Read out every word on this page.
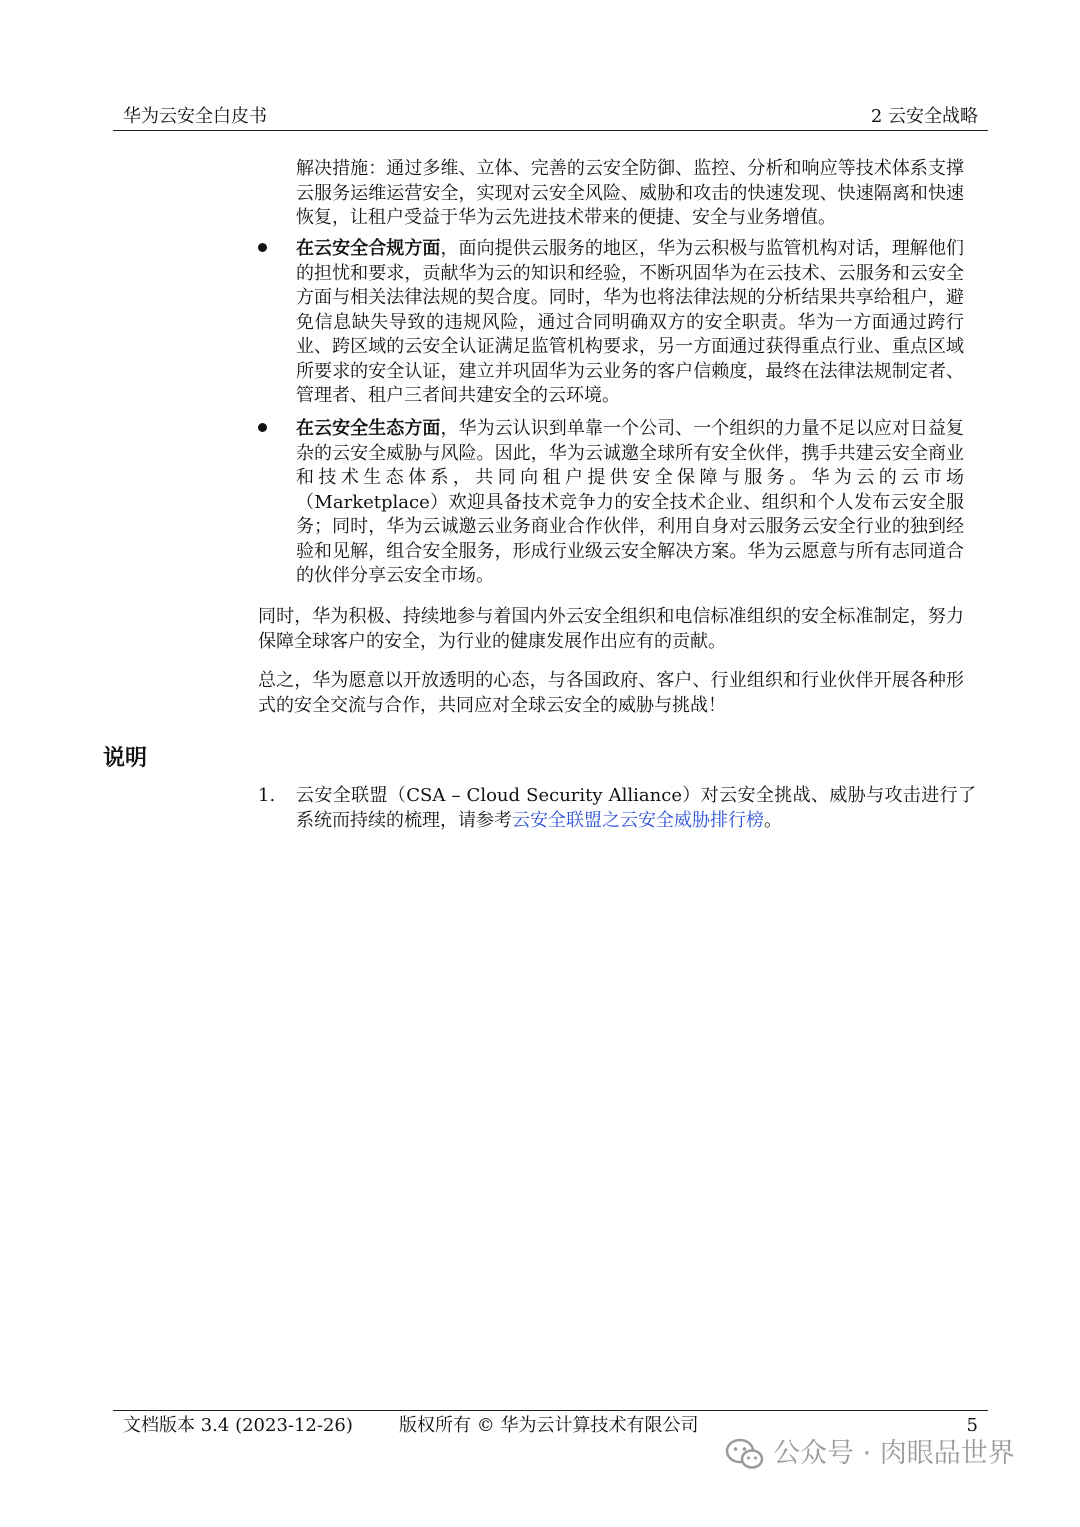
华为云安全白皮书	2 云安全战略

解决措施：通过多维、立体、完善的云安全防御、监控、分析和响应等技术体系支撑云服务运维运营安全，实现对云安全风险、威胁和攻击的快速发现、快速隔离和快速恢复，让租户受益于华为云先进技术带来的便捷、安全与业务增值。

在云安全合规方面，面向提供云服务的地区，华为云积极与监管机构对话，理解他们的担忧和要求，贡献华为云的知识和经验，不断巩固华为在云技术、云服务和云安全方面与相关法律法规的契合度。同时，华为也将法律法规的分析结果共享给租户，避免信息缺失导致的违规风险，通过合同明确双方的安全职责。华为一方面通过跨行业、跨区域的云安全认证满足监管机构要求，另一方面通过获得重点行业、重点区域所要求的安全认证，建立并巩固华为云业务的客户信赖度，最终在法律法规制定者、管理者、租户三者间共建安全的云环境。

在云安全生态方面，华为云认识到单靠一个公司、一个组织的力量不足以应对日益复杂的云安全威胁与风险。因此，华为云诚邀全球所有安全伙伴，携手共建云安全商业和技术生态体系，共同向租户提供安全保障与服务。华为云的云市场（Marketplace）欢迎具备技术竞争力的安全技术企业、组织和个人发布云安全服务；同时，华为云诚邀云业务商业合作伙伴，利用自身对云服务云安全行业的独到经验和见解，组合安全服务，形成行业级云安全解决方案。华为云愿意与所有志同道合的伙伴分享云安全市场。

同时，华为积极、持续地参与着国内外云安全组织和电信标准组织的安全标准制定，努力保障全球客户的安全，为行业的健康发展作出应有的贡献。

总之，华为愿意以开放透明的心态，与各国政府、客户、行业组织和行业伙伴开展各种形式的安全交流与合作，共同应对全球云安全的威胁与挑战！

说明
1. 云安全联盟（CSA – Cloud Security Alliance）对云安全挑战、威胁与攻击进行了系统而持续的梳理，请参考云安全联盟之云安全威胁排行榜。

文档版本 3.4 (2023-12-26)	版权所有 © 华为云计算技术有限公司	5
公众号 · 肉眼品世界
